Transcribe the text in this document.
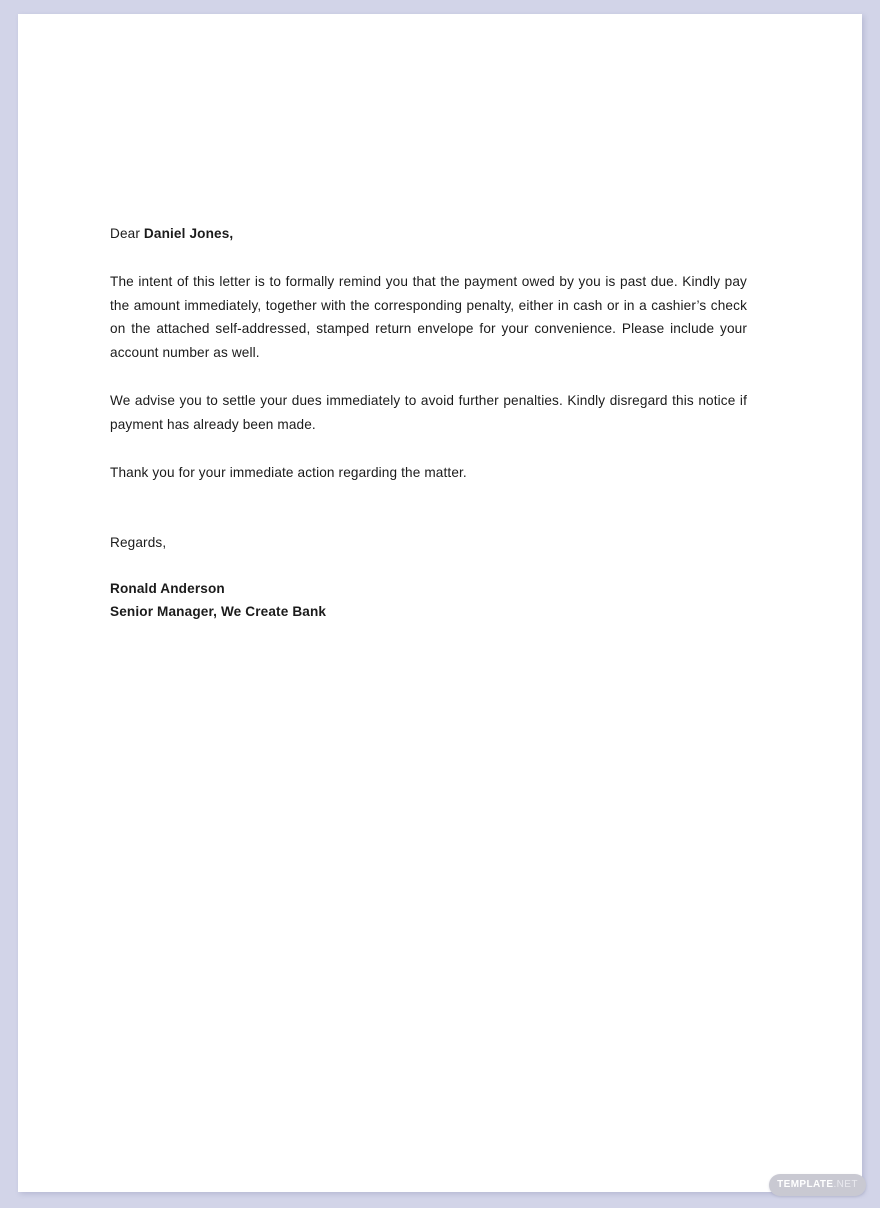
Dear Daniel Jones,

The intent of this letter is to formally remind you that the payment owed by you is past due. Kindly pay the amount immediately, together with the corresponding penalty, either in cash or in a cashier’s check on the attached self-addressed, stamped return envelope for your convenience. Please include your account number as well.

We advise you to settle your dues immediately to avoid further penalties. Kindly disregard this notice if payment has already been made.

Thank you for your immediate action regarding the matter.

Regards,

Ronald Anderson
Senior Manager, We Create Bank
TEMPLATE.NET
